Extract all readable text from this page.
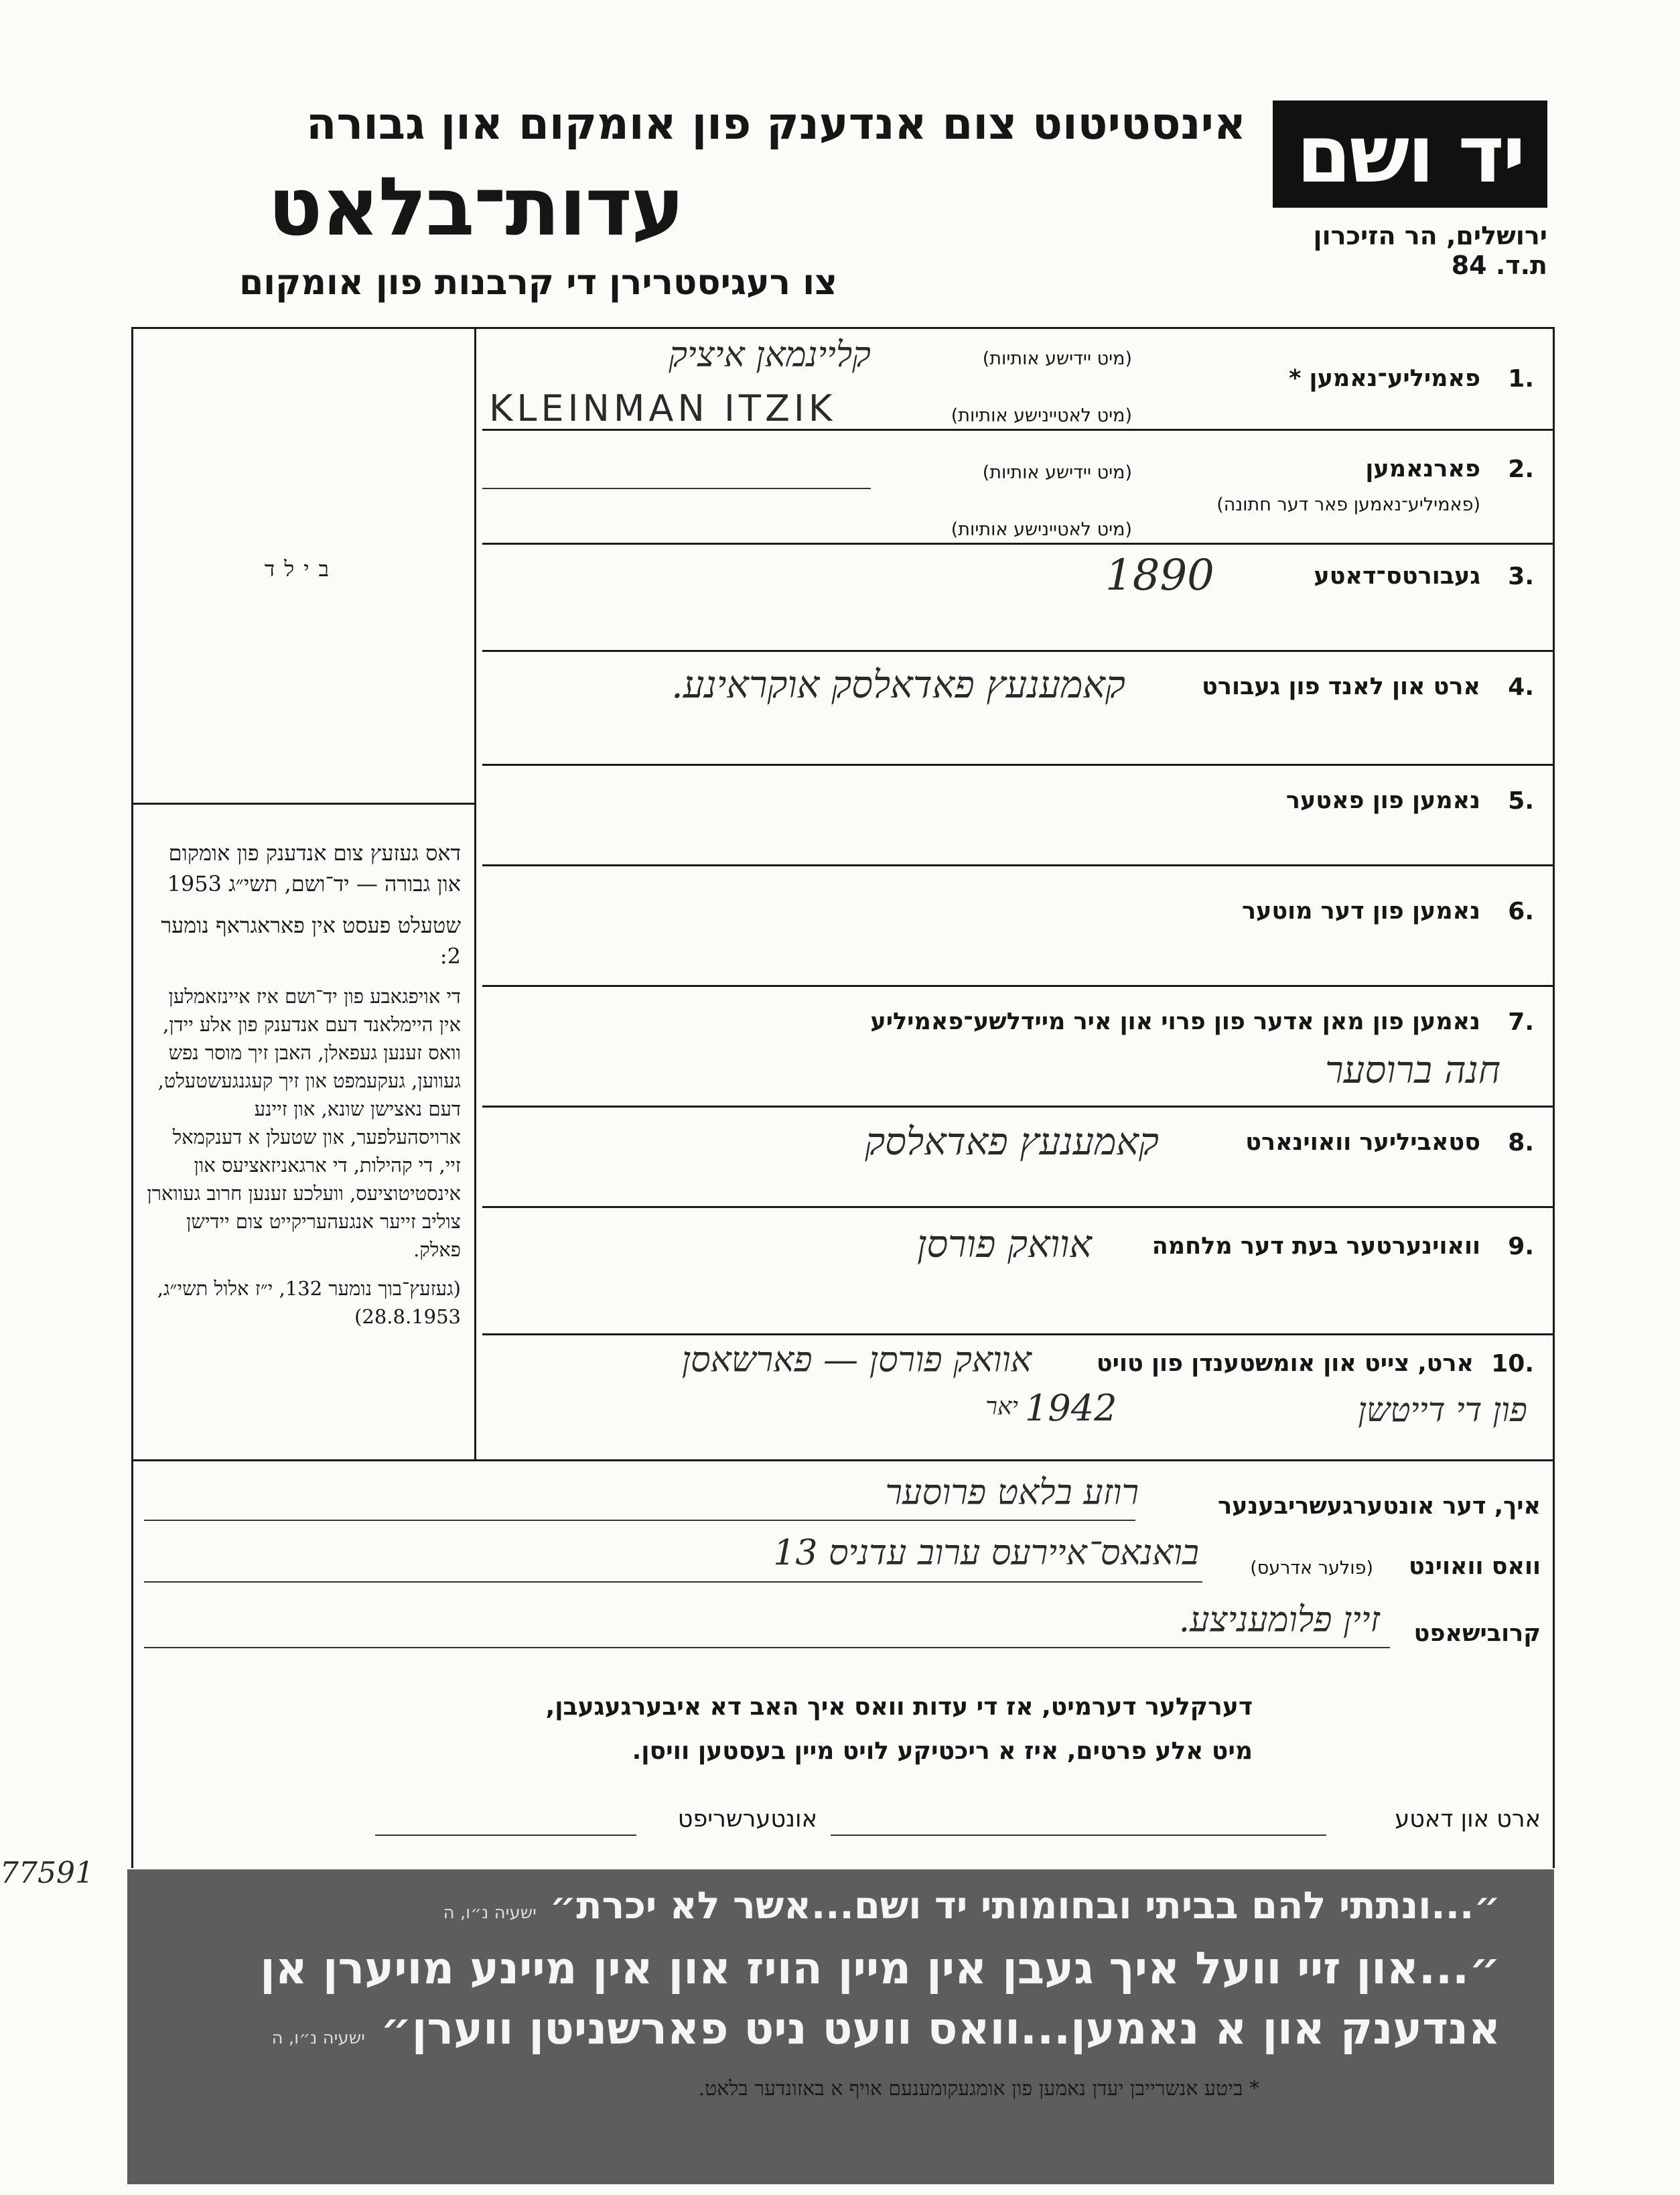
יד ושם
ירושלים, הר הזיכרון
ת.ד. 84
אינסטיטוט צום אנדענק פון אומקום און גבורה
עדות־בלאט
צו רעגיסטרירן די קרבנות פון אומקום
בילד

דאס געזעץ צום אנדענק פון אומקום און גבורה — יד־ושם, תשי״ג 1953

שטעלט פעסט אין פאראגראף נומער 2:

די אויפגאבע פון יד־ושם איז איינזאמלען אין היימלאנד דעם אנדענק פון אלע יידן, וואס זענען געפאלן, האבן זיך מוסר נפש געווען, געקעמפט און זיך קעגנגעשטעלט, דעם נאצישן שונא, און זיינע ארויסהעלפער, און שטעלן א דענקמאל זיי, די קהילות, די ארגאניזאציעס און אינסטיטוציעס, וועלכע זענען חרוב געווארן צוליב זייער אנגעהעריקייט צום יידישן פאלק.

(געזעץ־בוך נומער 132, י״ז אלול תשי״ג, 28.8.1953)

1.
פאמיליע־נאמען *
(מיט יידישע אותיות)
(מיט לאטיינישע אותיות)
קליינמאן איציק
KLEINMAN ITZIK
2.
פארנאמען
(פאמיליע־נאמען פאר דער חתונה)
(מיט יידישע אותיות)
(מיט לאטיינישע אותיות)
3.
געבורטס־דאטע
1890
4.
ארט און לאנד פון געבורט
קאמענעץ פאדאלסק אוקראינע.
5.
נאמען פון פאטער
6.
נאמען פון דער מוטער
7.
נאמען פון מאן אדער פון פרוי און איר מיידלשע־פאמיליע
חנה ברוסער
8.
סטאביליער וואוינארט
קאמענעץ פאדאלסק
9.
וואוינערטער בעת דער מלחמה
אוואק פורסן
10.
ארט, צייט און אומשטענדן פון טויט
אוואק פורסן — פארשאסן
1942
יאר	פון די דייטשן
איך, דער אונטערגעשריבענער
רוזע בלאט פרוסער
וואס וואוינט
(פולער אדרעס)
בואנאס־איירעס ערוב עדניס 13
קרובישאפט
זיין פלומעניצע.
דערקלער דערמיט, אז די עדות וואס איך האב דא איבערגעגעבן,
מיט אלע פרטים, איז א ריכטיקע לויט מיין בעסטען וויסן.
ארט און דאטע
אונטערשריפט
״...ונתתי להם בביתי ובחומותי יד ושם...אשר לא יכרת״ ישעיה נ״ו, ה
״...און זיי וועל איך געבן אין מיין הויז און אין מיינע מויערן אן
אנדענק און א נאמען...וואס וועט ניט פארשניטן ווערן״ ישעיה נ״ו, ה
* ביטע אנשרייבן יעדן נאמען פון אומגעקומענעם אויף א באזונדער בלאט.
77591
